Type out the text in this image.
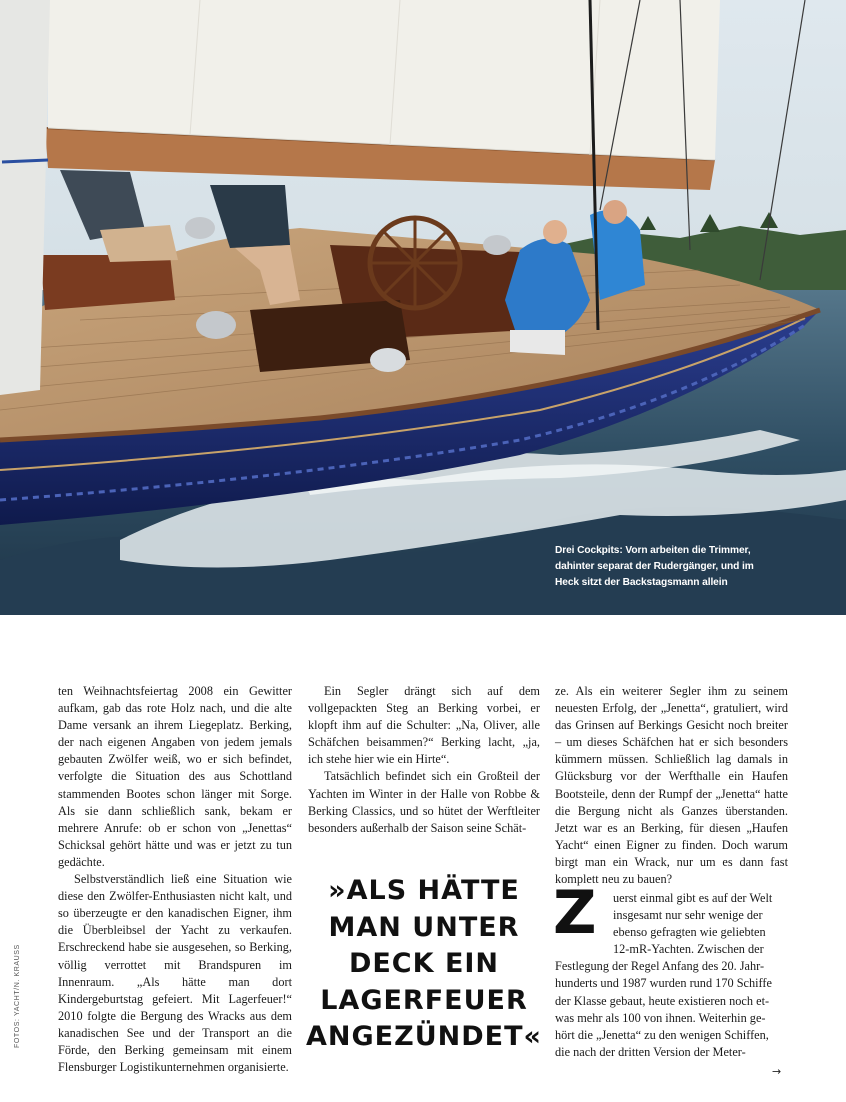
Drei Cockpits: Vorn arbeiten die Trimmer,
dahinter separat der Rudergänger, und im
Heck sitzt der Backstagsmann allein
FOTOS: YACHT/N. KRAUSS

ten Weihnachtsfeiertag 2008 ein Gewitter aufkam, gab das rote Holz nach, und die alte Dame versank an ihrem Liegeplatz. Berking, der nach eigenen Angaben von jedem jemals gebauten Zwölfer weiß, wo er sich befindet, verfolgte die Situation des aus Schottland stammenden Bootes schon länger mit Sorge. Als sie dann schließlich sank, bekam er mehrere Anrufe: ob er schon von „Jenettas“ Schicksal gehört hätte und was er jetzt zu tun gedächte.

Selbstverständlich ließ eine Situation wie diese den Zwölfer-Enthusiasten nicht kalt, und so überzeugte er den kanadischen Eigner, ihm die Überbleibsel der Yacht zu verkaufen. Erschreckend habe sie ausgesehen, so Berking, völlig verrottet mit Brandspuren im Innenraum. „Als hätte man dort Kindergeburtstag gefeiert. Mit Lagerfeuer!“ 2010 folgte die Bergung des Wracks aus dem kanadischen See und der Transport an die Förde, den Berking gemeinsam mit einem Flensburger Logistikunternehmen organisierte.

Ein Segler drängt sich auf dem vollgepackten Steg an Berking vorbei, er klopft ihm auf die Schulter: „Na, Oliver, alle Schäfchen beisammen?“ Berking lacht, „ja, ich stehe hier wie ein Hirte“.

Tatsächlich befindet sich ein Großteil der Yachten im Winter in der Halle von Robbe & Berking Classics, und so hütet der Werftleiter besonders außerhalb der Saison seine Schät-

»ALS HÄTTE
MAN UNTER
DECK EIN
LAGERFEUER
ANGEZÜNDET«

ze. Als ein weiterer Segler ihm zu seinem neuesten Erfolg, der „Jenetta“, gratuliert, wird das Grinsen auf Berkings Gesicht noch breiter – um dieses Schäfchen hat er sich besonders kümmern müssen. Schließlich lag damals in Glücksburg vor der Werfthalle ein Haufen Bootsteile, denn der Rumpf der „Jenetta“ hatte die Bergung nicht als Ganzes überstanden. Jetzt war es an Berking, für diesen „Haufen Yacht“ einen Eigner zu finden. Doch warum birgt man ein Wrack, nur um es dann fast komplett neu zu bauen?

Z	uerst einmal gibt es auf der Welt
insgesamt nur sehr wenige der
ebenso gefragten wie geliebten
12-mR-Yachten. Zwischen der
Festlegung der Regel Anfang des 20. Jahr-
hunderts und 1987 wurden rund 170 Schiffe
der Klasse gebaut, heute existieren noch et-
was mehr als 100 von ihnen. Weiterhin ge-
hört die „Jenetta“ zu den wenigen Schiffen,
die nach der dritten Version der Meter-
→
